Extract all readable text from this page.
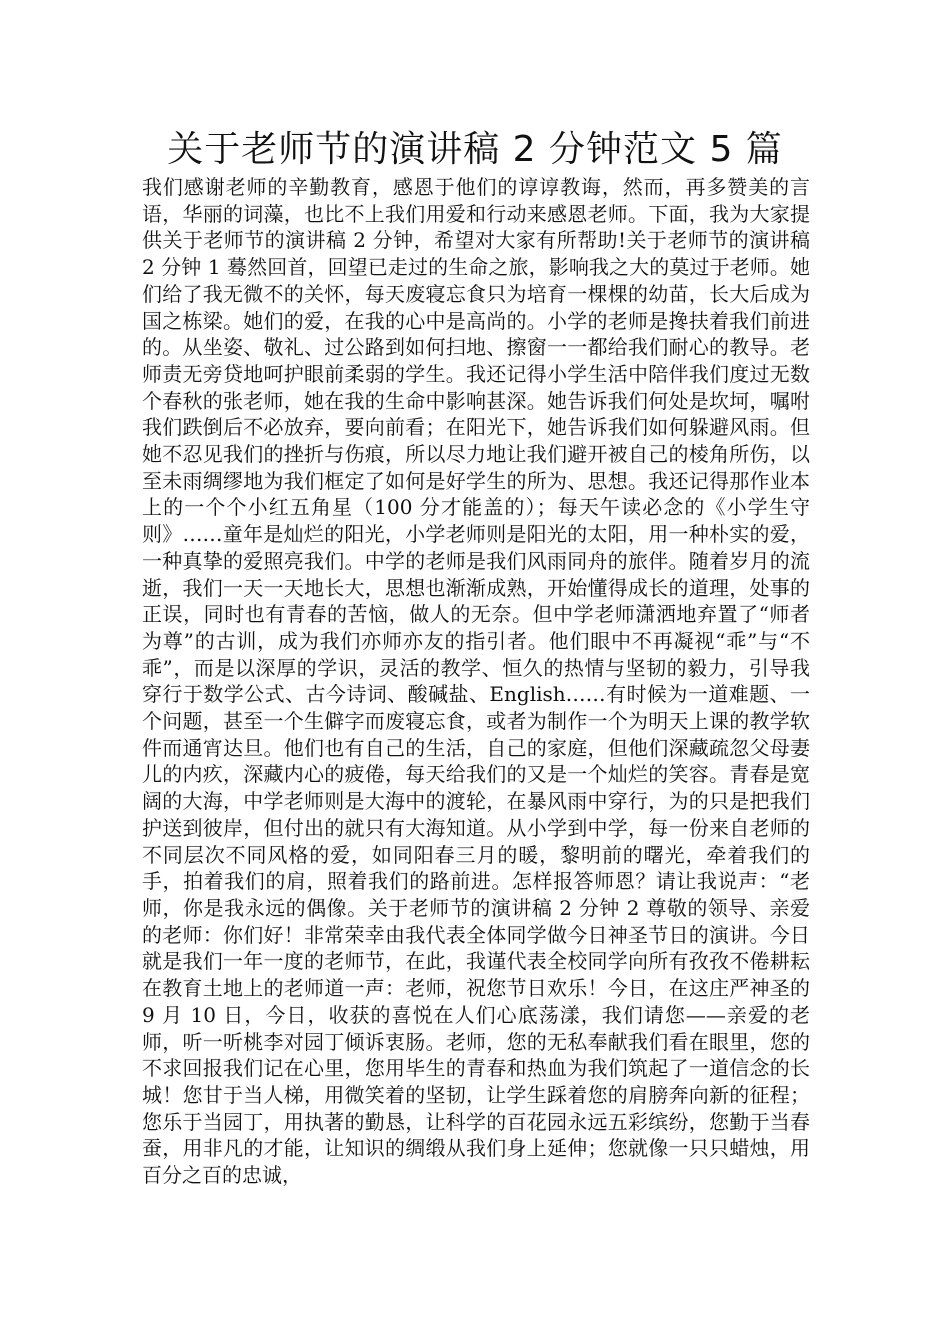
关于老师节的演讲稿 2 分钟范文 5 篇

我们感谢老师的辛勤教育，感恩于他们的谆谆教诲，然而，再多赞美的言语，华丽的词藻，也比不上我们用爱和行动来感恩老师。下面，我为大家提供关于老师节的演讲稿 2 分钟，希望对大家有所帮助!关于老师节的演讲稿 2 分钟 1 蓦然回首，回望已走过的生命之旅，影响我之大的莫过于老师。她们给了我无微不的关怀，每天废寝忘食只为培育一棵棵的幼苗，长大后成为国之栋梁。她们的爱，在我的心中是高尚的。小学的老师是搀扶着我们前进的。从坐姿、敬礼、过公路到如何扫地、擦窗一一都给我们耐心的教导。老师责无旁贷地呵护眼前柔弱的学生。我还记得小学生活中陪伴我们度过无数个春秋的张老师，她在我的生命中影响甚深。她告诉我们何处是坎坷，嘱咐我们跌倒后不必放弃，要向前看；在阳光下，她告诉我们如何躲避风雨。但她不忍见我们的挫折与伤痕，所以尽力地让我们避开被自己的棱角所伤，以至未雨绸缪地为我们框定了如何是好学生的所为、思想。我还记得那作业本上的一个个小红五角星（100 分才能盖的）；每天午读必念的《小学生守则》……童年是灿烂的阳光，小学老师则是阳光的太阳，用一种朴实的爱，一种真挚的爱照亮我们。中学的老师是我们风雨同舟的旅伴。随着岁月的流逝，我们一天一天地长大，思想也渐渐成熟，开始懂得成长的道理，处事的正误，同时也有青春的苦恼，做人的无奈。但中学老师潇洒地弃置了“师者为尊”的古训，成为我们亦师亦友的指引者。他们眼中不再凝视“乖”与“不乖”，而是以深厚的学识，灵活的教学、恒久的热情与坚韧的毅力，引导我穿行于数学公式、古今诗词、酸碱盐、English……有时候为一道难题、一个问题，甚至一个生僻字而废寝忘食，或者为制作一个为明天上课的教学软件而通宵达旦。他们也有自己的生活，自己的家庭，但他们深藏疏忽父母妻儿的内疚，深藏内心的疲倦，每天给我们的又是一个灿烂的笑容。青春是宽阔的大海，中学老师则是大海中的渡轮，在暴风雨中穿行，为的只是把我们护送到彼岸，但付出的就只有大海知道。从小学到中学，每一份来自老师的不同层次不同风格的爱，如同阳春三月的暖，黎明前的曙光，牵着我们的手，拍着我们的肩，照着我们的路前进。怎样报答师恩？请让我说声：“老师，你是我永远的偶像。关于老师节的演讲稿 2 分钟 2 尊敬的领导、亲爱的老师：你们好！非常荣幸由我代表全体同学做今日神圣节日的演讲。今日就是我们一年一度的老师节，在此，我谨代表全校同学向所有孜孜不倦耕耘在教育土地上的老师道一声：老师，祝您节日欢乐！今日，在这庄严神圣的 9 月 10 日，今日，收获的喜悦在人们心底荡漾，我们请您——亲爱的老师，听一听桃李对园丁倾诉衷肠。老师，您的无私奉献我们看在眼里，您的不求回报我们记在心里，您用毕生的青春和热血为我们筑起了一道信念的长城！您甘于当人梯，用微笑着的坚韧，让学生踩着您的肩膀奔向新的征程；您乐于当园丁，用执著的勤恳，让科学的百花园永远五彩缤纷，您勤于当春蚕，用非凡的才能，让知识的绸缎从我们身上延伸；您就像一只只蜡烛，用百分之百的忠诚，
